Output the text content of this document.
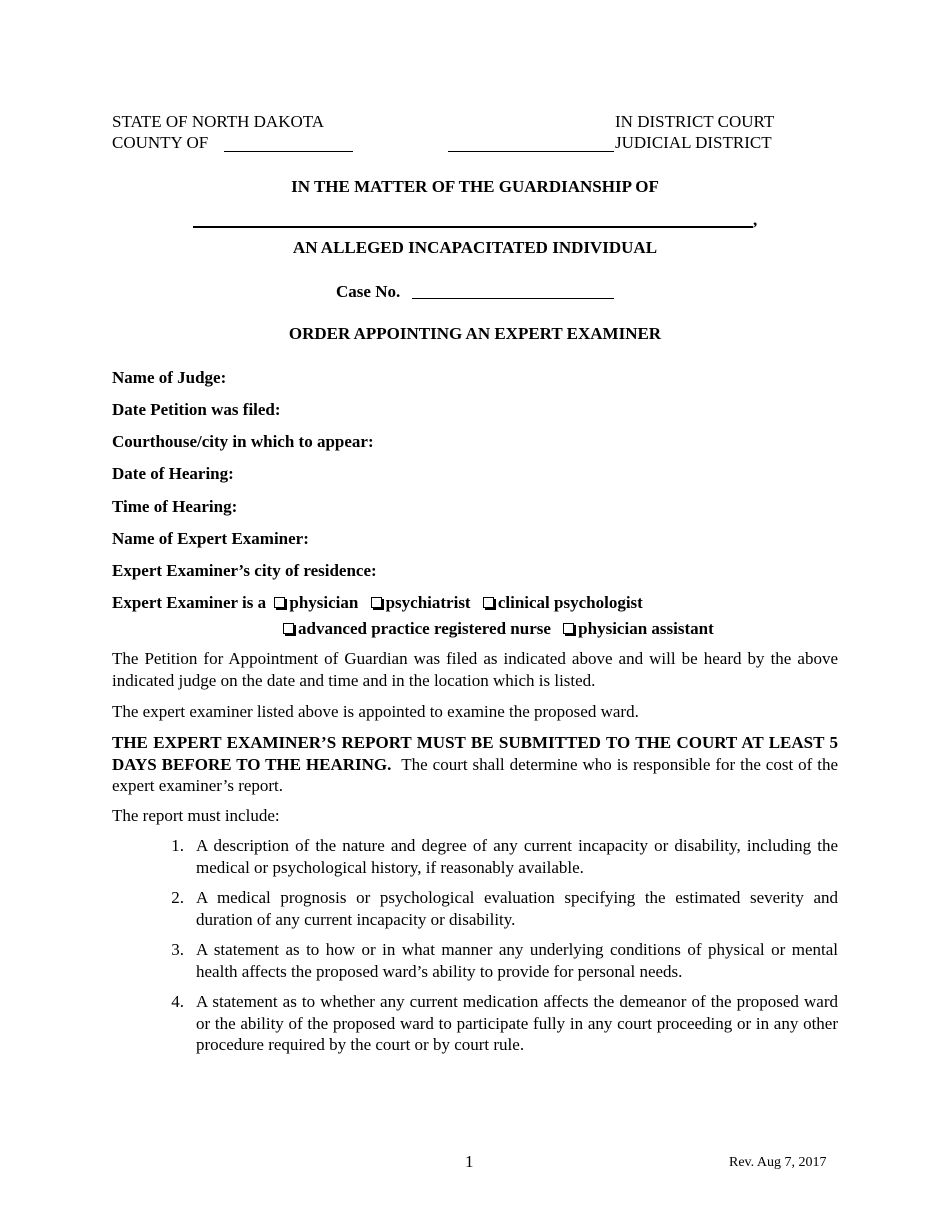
STATE OF NORTH DAKOTA
COUNTY OF
IN DISTRICT COURT
JUDICIAL DISTRICT
IN THE MATTER OF THE GUARDIANSHIP OF
,
AN ALLEGED INCAPACITATED INDIVIDUAL
Case No.
ORDER APPOINTING AN EXPERT EXAMINER
Name of Judge:
Date Petition was filed:
Courthouse/city in which to appear:
Date of Hearing:
Time of Hearing:
Name of Expert Examiner:
Expert Examiner’s city of residence:
Expert Examiner is a physician psychiatrist clinical psychologist
advanced practice registered nurse physician assistant
The Petition for Appointment of Guardian was filed as indicated above and will be heard by the above indicated judge on the date and time and in the location which is listed.
The expert examiner listed above is appointed to examine the proposed ward.
THE EXPERT EXAMINER’S REPORT MUST BE SUBMITTED TO THE COURT AT LEAST 5 DAYS BEFORE TO THE HEARING. The court shall determine who is responsible for the cost of the expert examiner’s report.
The report must include:
1. A description of the nature and degree of any current incapacity or disability, including the medical or psychological history, if reasonably available.
2. A medical prognosis or psychological evaluation specifying the estimated severity and duration of any current incapacity or disability.
3. A statement as to how or in what manner any underlying conditions of physical or mental health affects the proposed ward’s ability to provide for personal needs.
4. A statement as to whether any current medication affects the demeanor of the proposed ward or the ability of the proposed ward to participate fully in any court proceeding or in any other procedure required by the court or by court rule.
1	Rev. Aug 7, 2017
